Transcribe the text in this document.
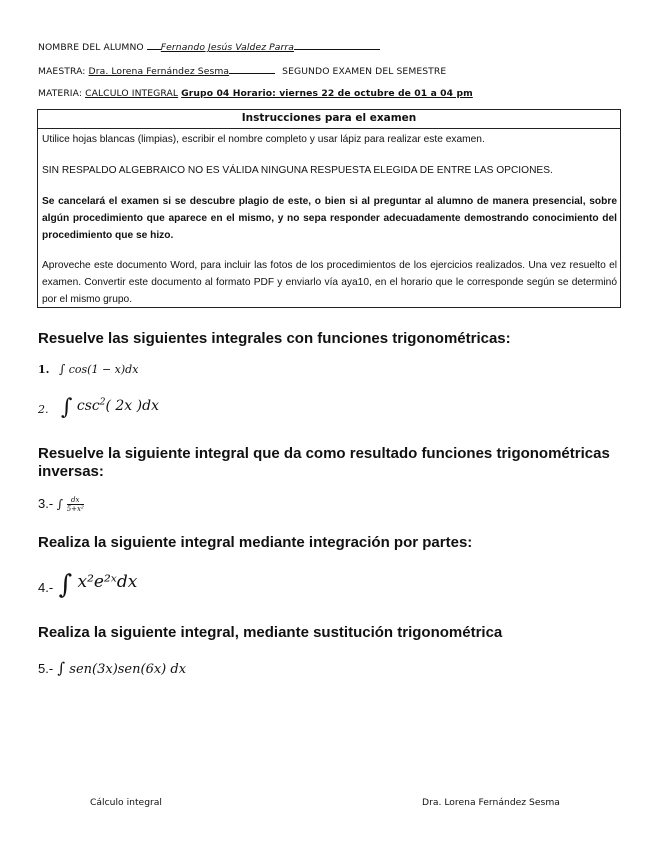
NOMBRE DEL ALUMNO Fernando Jesús Valdez Parra
MAESTRA: Dra. Lorena Fernández Sesma	SEGUNDO EXAMEN DEL SEMESTRE
MATERIA: CALCULO INTEGRAL Grupo 04 Horario: viernes 22 de octubre de 01 a 04 pm
Instrucciones para el examen
Utilice hojas blancas (limpias), escribir el nombre completo y usar lápiz para realizar este examen.
SIN RESPALDO ALGEBRAICO NO ES VÁLIDA NINGUNA RESPUESTA ELEGIDA DE ENTRE LAS OPCIONES.
Se cancelará el examen si se descubre plagio de este, o bien si al preguntar al alumno de manera presencial, sobre algún procedimiento que aparece en el mismo, y no sepa responder adecuadamente demostrando conocimiento del procedimiento que se hizo.
Aproveche este documento Word, para incluir las fotos de los procedimientos de los ejercicios realizados. Una vez resuelto el examen. Convertir este documento al formato PDF y enviarlo vía aya10, en el horario que le corresponde según se determinó por el mismo grupo.
Resuelve las siguientes integrales con funciones trigonométricas:
1. ∫ cos(1 − x)dx
$_{2.}$ ∫ $\csc^2$( 2x )dx
Resuelve la siguiente integral que da como resultado funciones trigonométricas inversas:
3.- ∫ $\frac{dx}{\text{5+x²}}$
Realiza la siguiente integral mediante integración por partes:
$_{4.-}$ ∫ x²e²ˣdx
Realiza la siguiente integral, mediante sustitución trigonométrica
5.- ∫ sen(3x)sen(6x) dx
Cálculo integral	Dra. Lorena Fernández Sesma
